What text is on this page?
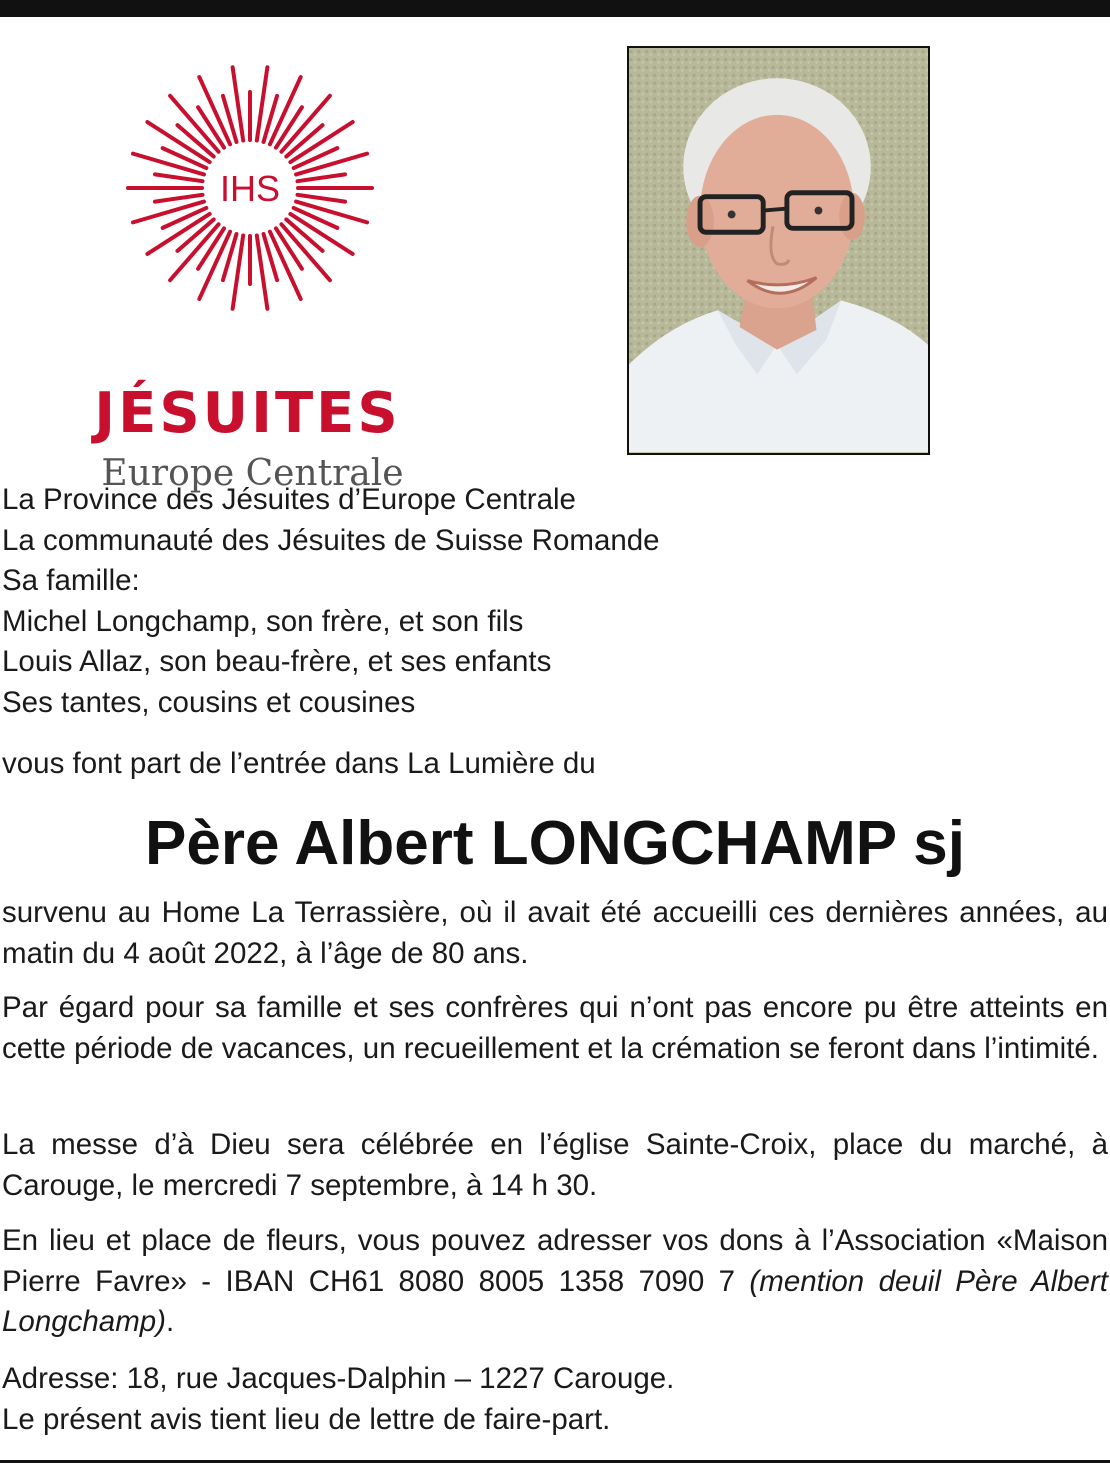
IHS
JÉSUITES
Europe Centrale

La Province des Jésuites d’Europe Centrale

La communauté des Jésuites de Suisse Romande

Sa famille:

Michel Longchamp, son frère, et son fils

Louis Allaz, son beau-frère, et ses enfants

Ses tantes, cousins et cousines

vous font part de l’entrée dans La Lumière du
Père Albert LONGCHAMP sj
survenu au Home La Terrassière, où il avait été accueilli ces dernières années, au matin du 4 août 2022, à l’âge de 80 ans.
Par égard pour sa famille et ses confrères qui n’ont pas encore pu être atteints en cette période de vacances, un recueillement et la crémation se feront dans l’intimité.
La messe d’à Dieu sera célébrée en l’église Sainte-Croix, place du marché, à Carouge, le mercredi 7 septembre, à 14 h 30.
En lieu et place de fleurs, vous pouvez adresser vos dons à l’Association «Maison Pierre Favre» - IBAN CH61 8080 8005 1358 7090 7 (mention deuil Père Albert Longchamp).

Adresse: 18, rue Jacques-Dalphin – 1227 Carouge.

Le présent avis tient lieu de lettre de faire-part.
